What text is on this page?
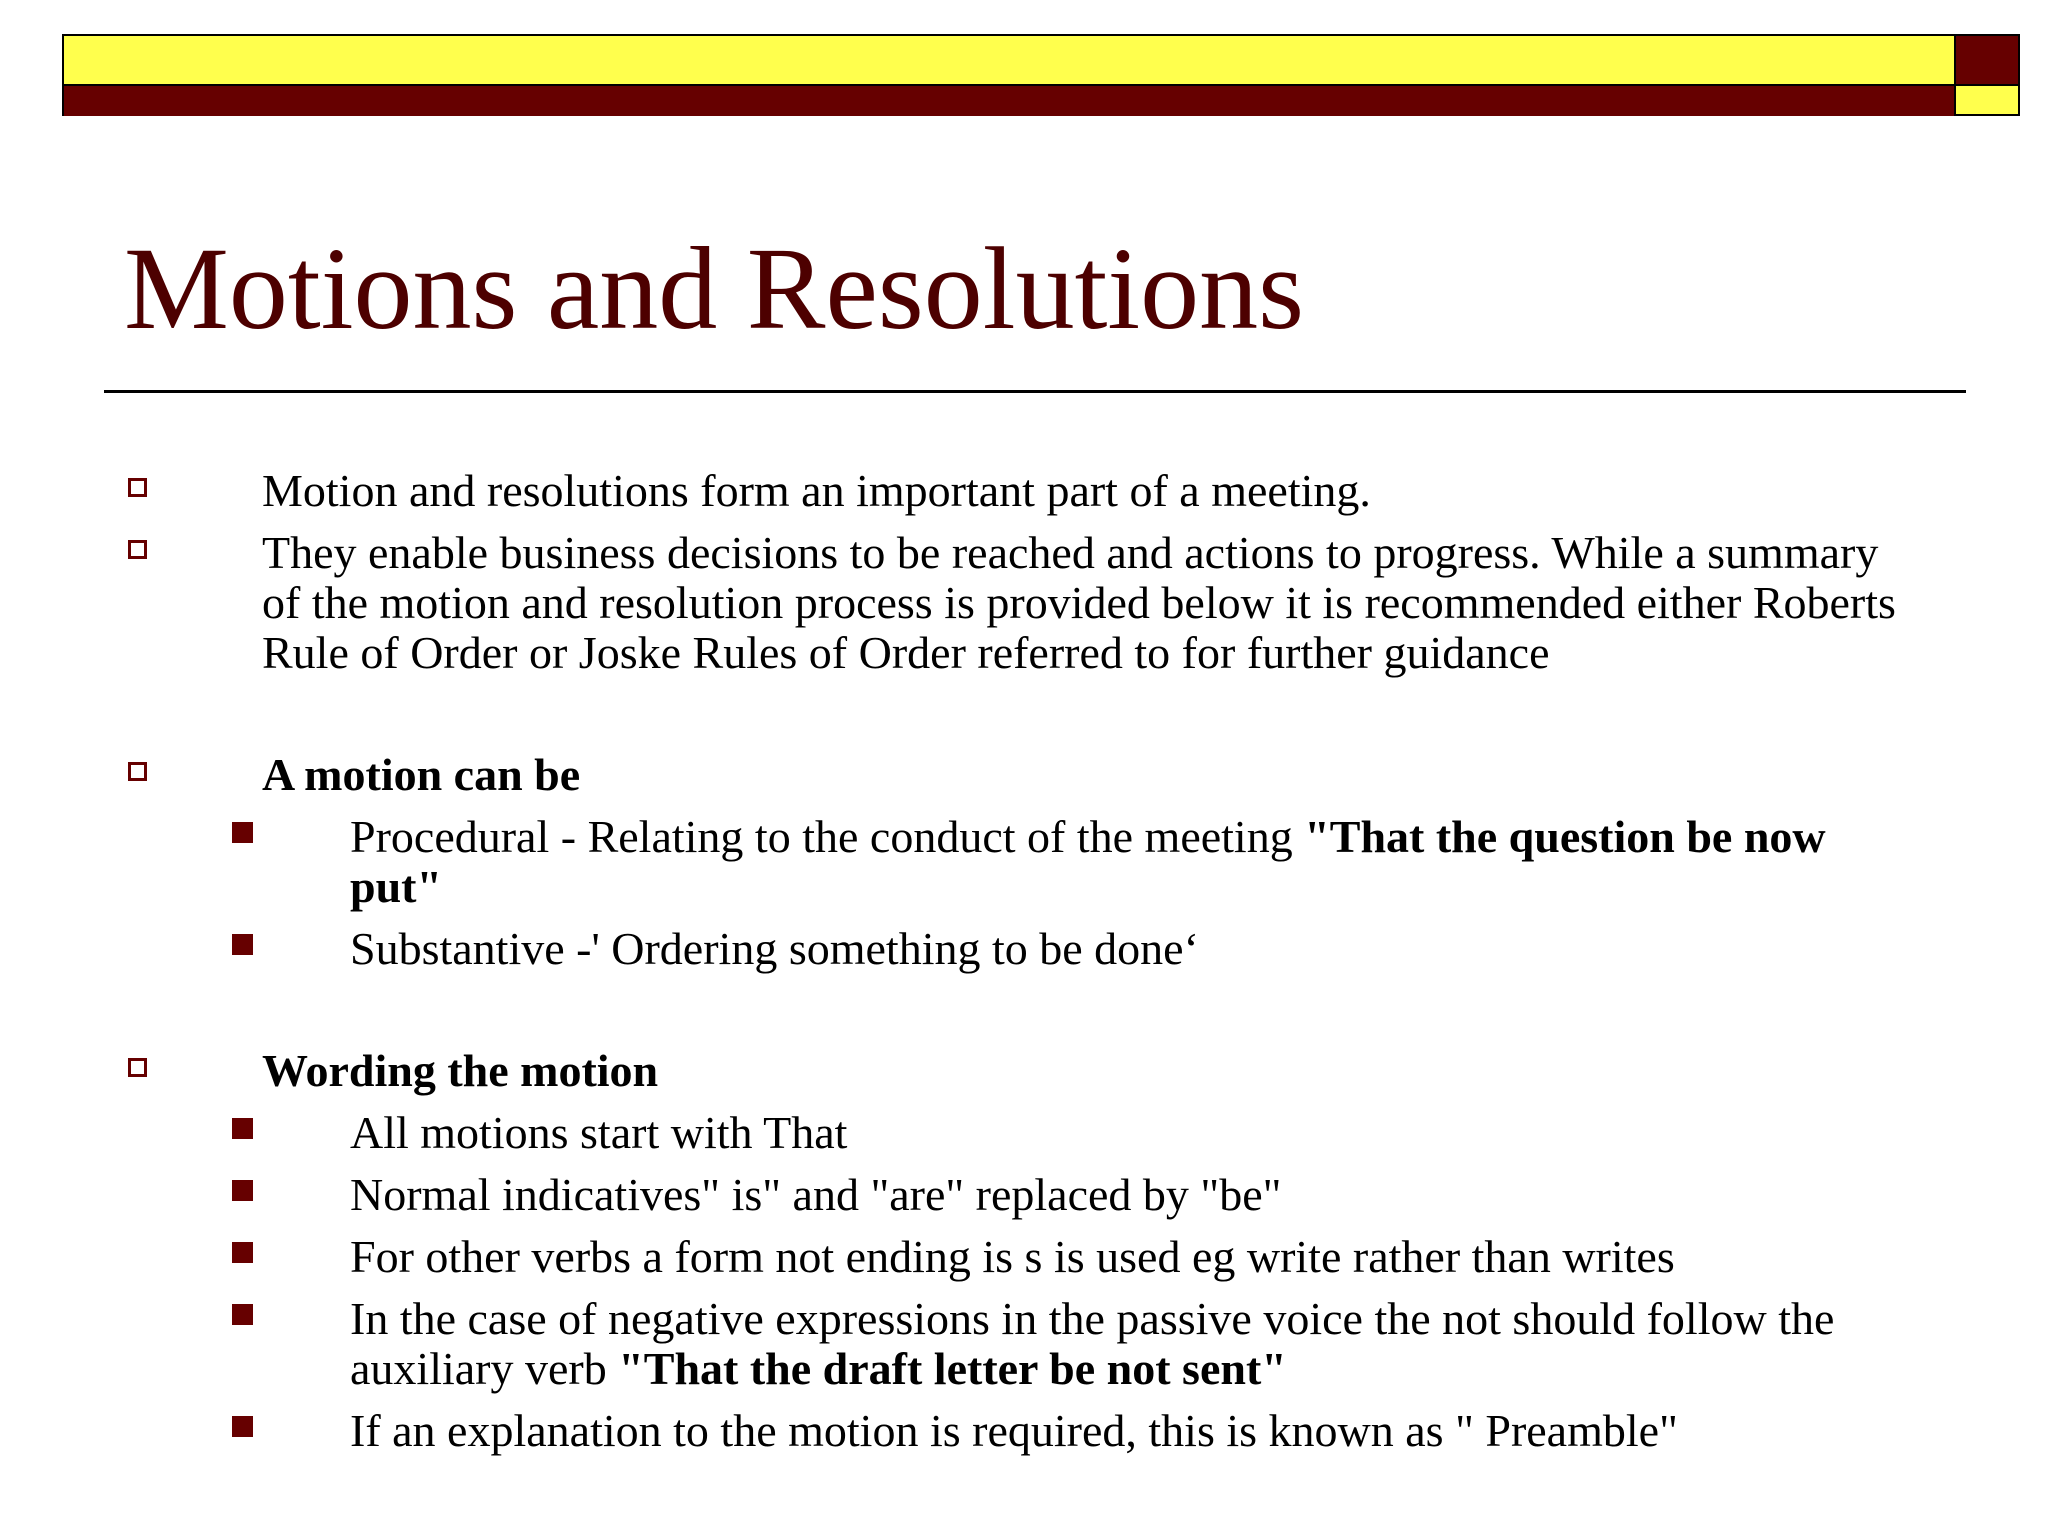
Motions and Resolutions
Motion and resolutions form an important part of a meeting.
They enable business decisions to be reached and actions to progress. While a summary of the motion and resolution process is provided below it is recommended either Roberts Rule of Order or Joske Rules of Order referred to for further guidance
A motion can be
Procedural - Relating to the conduct of the meeting "That the question be now put"
Substantive -' Ordering something to be done‘
Wording the motion
All motions start with That
Normal indicatives" is" and "are" replaced by "be"
For other verbs a form not ending is s is used eg write rather than writes
In the case of negative expressions in the passive voice the not should follow the auxiliary verb "That the draft letter be not sent"
If an explanation to the motion is required, this is known as " Preamble"
